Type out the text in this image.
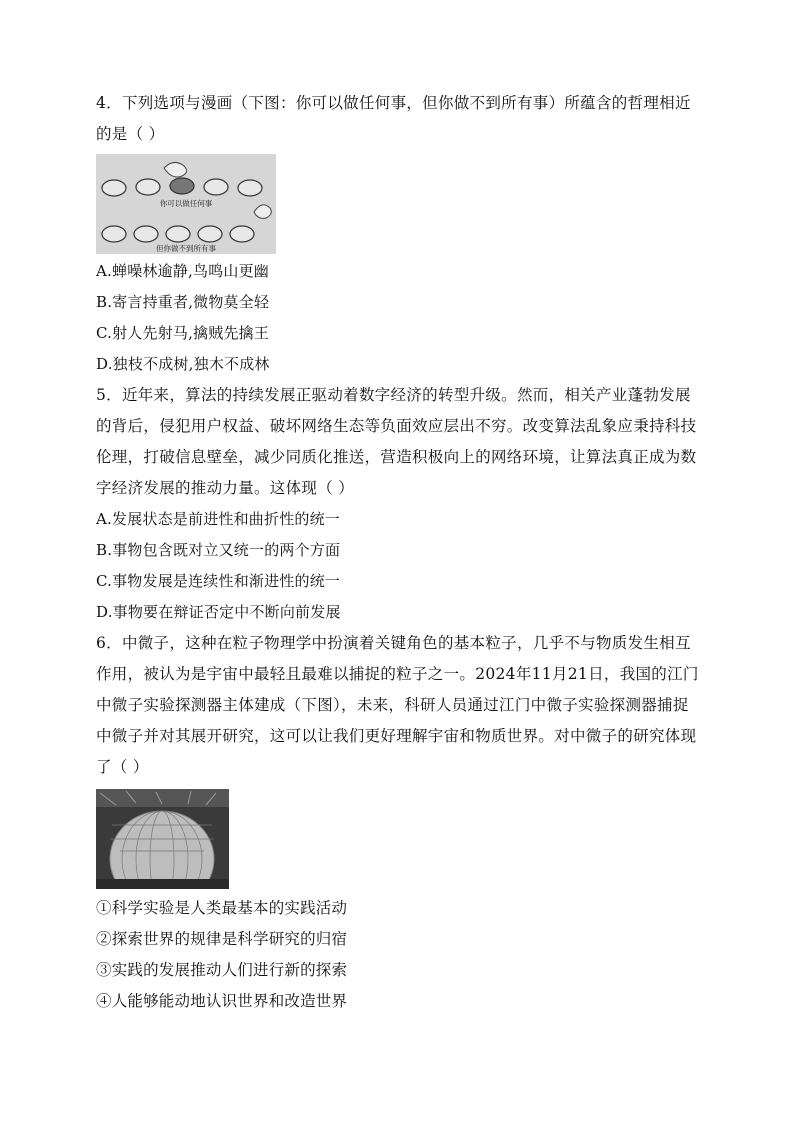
4．下列选项与漫画（下图：你可以做任何事，但你做不到所有事）所蕴含的哲理相近的是（ ）

你可以做任何事
但你做不到所有事

A.蝉噪林逾静,鸟鸣山更幽

B.寄言持重者,微物莫全轻

C.射人先射马,擒贼先擒王

D.独枝不成树,独木不成林

5．近年来，算法的持续发展正驱动着数字经济的转型升级。然而，相关产业蓬勃发展的背后，侵犯用户权益、破坏网络生态等负面效应层出不穷。改变算法乱象应秉持科技伦理，打破信息壁垒，减少同质化推送，营造积极向上的网络环境，让算法真正成为数字经济发展的推动力量。这体现（ ）

A.发展状态是前进性和曲折性的统一

B.事物包含既对立又统一的两个方面

C.事物发展是连续性和渐进性的统一

D.事物要在辩证否定中不断向前发展

6．中微子，这种在粒子物理学中扮演着关键角色的基本粒子，几乎不与物质发生相互作用，被认为是宇宙中最轻且最难以捕捉的粒子之一。2024年11月21日，我国的江门中微子实验探测器主体建成（下图），未来，科研人员通过江门中微子实验探测器捕捉中微子并对其展开研究，这可以让我们更好理解宇宙和物质世界。对中微子的研究体现了（ ）

①科学实验是人类最基本的实践活动

②探索世界的规律是科学研究的归宿

③实践的发展推动人们进行新的探索

④人能够能动地认识世界和改造世界
